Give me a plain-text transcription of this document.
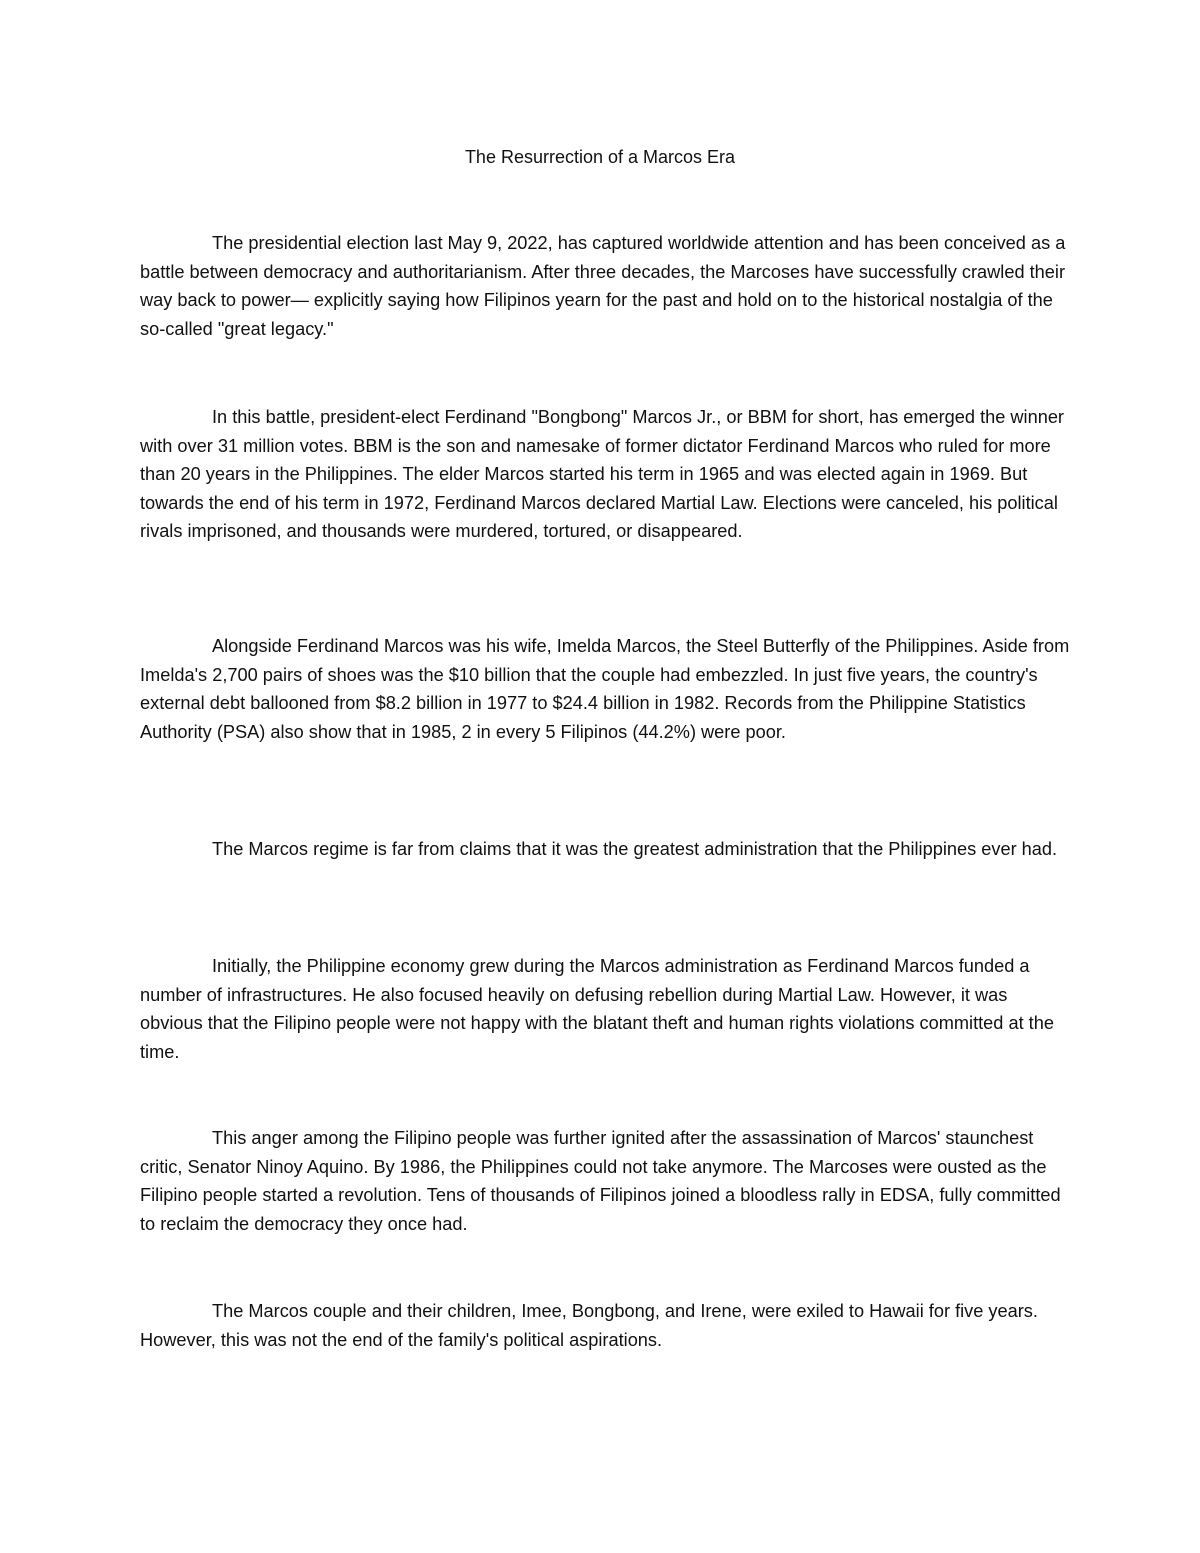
The Resurrection of a Marcos Era

The presidential election last May 9, 2022, has captured worldwide attention and has been conceived as a battle between democracy and authoritarianism. After three decades, the Marcoses have successfully crawled their way back to power— explicitly saying how Filipinos yearn for the past and hold on to the historical nostalgia of the so-called "great legacy."

In this battle, president-elect Ferdinand "Bongbong" Marcos Jr., or BBM for short, has emerged the winner with over 31 million votes. BBM is the son and namesake of former dictator Ferdinand Marcos who ruled for more than 20 years in the Philippines. The elder Marcos started his term in 1965 and was elected again in 1969. But towards the end of his term in 1972, Ferdinand Marcos declared Martial Law. Elections were canceled, his political rivals imprisoned, and thousands were murdered, tortured, or disappeared.

Alongside Ferdinand Marcos was his wife, Imelda Marcos, the Steel Butterfly of the Philippines. Aside from Imelda's 2,700 pairs of shoes was the $10 billion that the couple had embezzled. In just five years, the country's external debt ballooned from $8.2 billion in 1977 to $24.4 billion in 1982. Records from the Philippine Statistics Authority (PSA) also show that in 1985, 2 in every 5 Filipinos (44.2%) were poor.

The Marcos regime is far from claims that it was the greatest administration that the Philippines ever had.

Initially, the Philippine economy grew during the Marcos administration as Ferdinand Marcos funded a number of infrastructures. He also focused heavily on defusing rebellion during Martial Law. However, it was obvious that the Filipino people were not happy with the blatant theft and human rights violations committed at the time.

This anger among the Filipino people was further ignited after the assassination of Marcos' staunchest critic, Senator Ninoy Aquino. By 1986, the Philippines could not take anymore. The Marcoses were ousted as the Filipino people started a revolution. Tens of thousands of Filipinos joined a bloodless rally in EDSA, fully committed to reclaim the democracy they once had.

The Marcos couple and their children, Imee, Bongbong, and Irene, were exiled to Hawaii for five years. However, this was not the end of the family's political aspirations.
